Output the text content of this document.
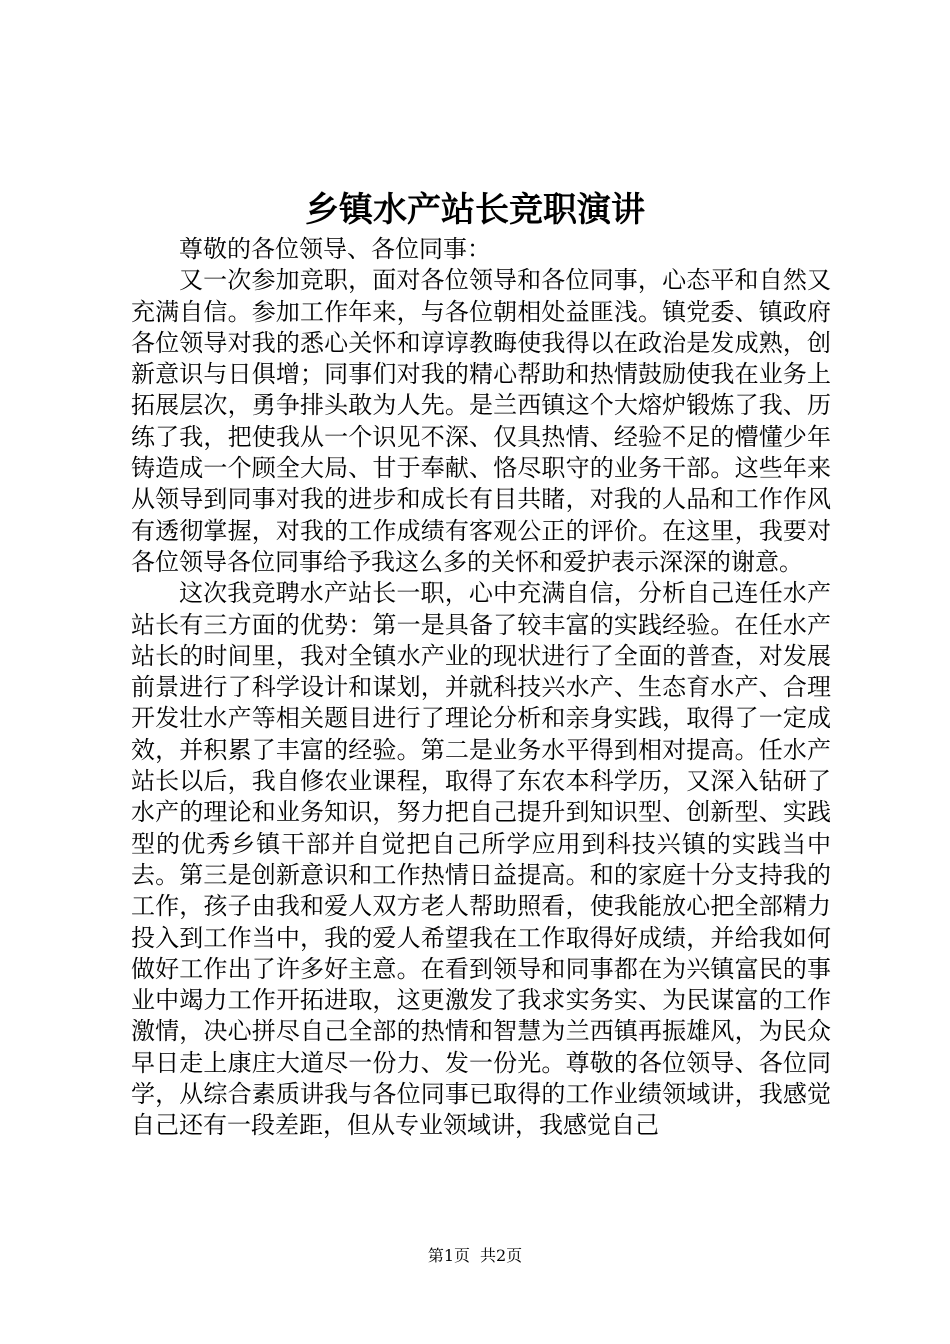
乡镇水产站长竞职演讲

尊敬的各位领导、各位同事：

又一次参加竞职，面对各位领导和各位同事，心态平和自然又充满自信。参加工作年来，与各位朝相处益匪浅。镇党委、镇政府各位领导对我的悉心关怀和谆谆教晦使我得以在政治是发成熟，创新意识与日俱增；同事们对我的精心帮助和热情鼓励使我在业务上拓展层次，勇争排头敢为人先。是兰西镇这个大熔炉锻炼了我、历练了我，把使我从一个识见不深、仅具热情、经验不足的懵懂少年铸造成一个顾全大局、甘于奉献、恪尽职守的业务干部。这些年来从领导到同事对我的进步和成长有目共睹，对我的人品和工作作风有透彻掌握，对我的工作成绩有客观公正的评价。在这里，我要对各位领导各位同事给予我这么多的关怀和爱护表示深深的谢意。

这次我竞聘水产站长一职，心中充满自信，分析自己连任水产站长有三方面的优势：第一是具备了较丰富的实践经验。在任水产站长的时间里，我对全镇水产业的现状进行了全面的普查，对发展前景进行了科学设计和谋划，并就科技兴水产、生态育水产、合理开发壮水产等相关题目进行了理论分析和亲身实践，取得了一定成效，并积累了丰富的经验。第二是业务水平得到相对提高。任水产站长以后，我自修农业课程，取得了东农本科学历，又深入钻研了水产的理论和业务知识，努力把自己提升到知识型、创新型、实践型的优秀乡镇干部并自觉把自己所学应用到科技兴镇的实践当中去。第三是创新意识和工作热情日益提高。和的家庭十分支持我的工作，孩子由我和爱人双方老人帮助照看，使我能放心把全部精力投入到工作当中，我的爱人希望我在工作取得好成绩，并给我如何做好工作出了许多好主意。在看到领导和同事都在为兴镇富民的事业中竭力工作开拓进取，这更激发了我求实务实、为民谋富的工作激情，决心拼尽自己全部的热情和智慧为兰西镇再振雄风，为民众早日走上康庄大道尽一份力、发一份光。尊敬的各位领导、各位同学，从综合素质讲我与各位同事已取得的工作业绩领域讲，我感觉自己还有一段差距，但从专业领域讲，我感觉自己

第1页 共2页
